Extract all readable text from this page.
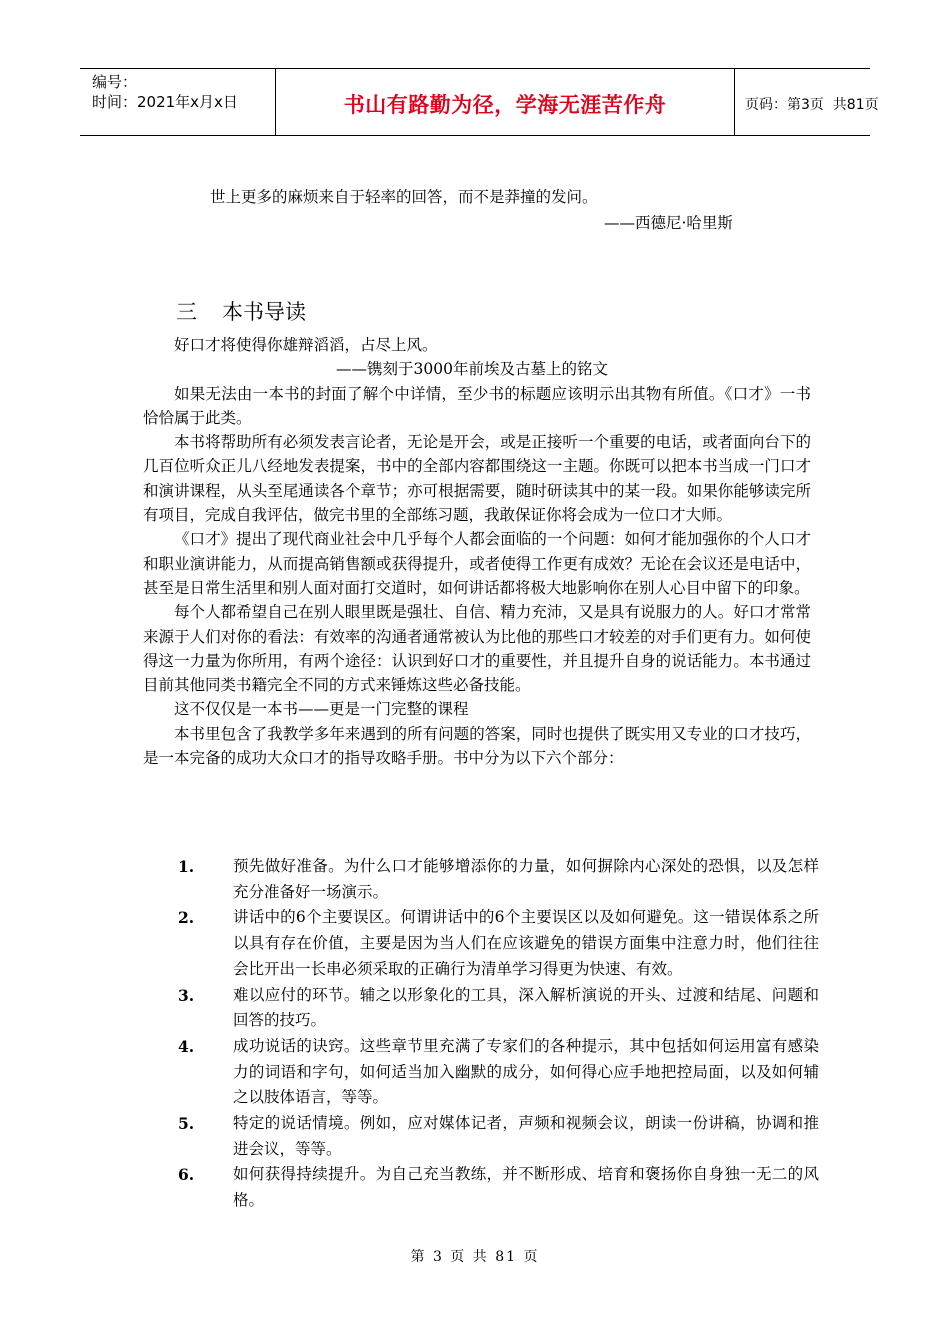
编号：
时间：2021年x月x日	书山有路勤为径，学海无涯苦作舟	页码：第3页  共81页
世上更多的麻烦来自于轻率的回答，而不是莽撞的发问。
——西德尼·哈里斯
三 本书导读

好口才将使得你雄辩滔滔，占尽上风。

——镌刻于3000年前埃及古墓上的铭文

如果无法由一本书的封面了解个中详情，至少书的标题应该明示出其物有所值。《口才》一书恰恰属于此类。

本书将帮助所有必须发表言论者，无论是开会，或是正接听一个重要的电话，或者面向台下的几百位听众正儿八经地发表提案，书中的全部内容都围绕这一主题。你既可以把本书当成一门口才和演讲课程，从头至尾通读各个章节；亦可根据需要，随时研读其中的某一段。如果你能够读完所有项目，完成自我评估，做完书里的全部练习题，我敢保证你将会成为一位口才大师。

《口才》提出了现代商业社会中几乎每个人都会面临的一个问题：如何才能加强你的个人口才和职业演讲能力，从而提高销售额或获得提升，或者使得工作更有成效？无论在会议还是电话中，甚至是日常生活里和别人面对面打交道时，如何讲话都将极大地影响你在别人心目中留下的印象。

每个人都希望自己在别人眼里既是强壮、自信、精力充沛，又是具有说服力的人。好口才常常来源于人们对你的看法：有效率的沟通者通常被认为比他的那些口才较差的对手们更有力。如何使得这一力量为你所用，有两个途径：认识到好口才的重要性，并且提升自身的说话能力。本书通过目前其他同类书籍完全不同的方式来锤炼这些必备技能。

这不仅仅是一本书——更是一门完整的课程

本书里包含了我教学多年来遇到的所有问题的答案，同时也提供了既实用又专业的口才技巧，是一本完备的成功大众口才的指导攻略手册。书中分为以下六个部分：

1.	预先做好准备。为什么口才能够增添你的力量，如何摒除内心深处的恐惧，以及怎样充分准备好一场演示。
2.	讲话中的6个主要误区。何谓讲话中的6个主要误区以及如何避免。这一错误体系之所以具有存在价值，主要是因为当人们在应该避免的错误方面集中注意力时，他们往往会比开出一长串必须采取的正确行为清单学习得更为快速、有效。
3.	难以应付的环节。辅之以形象化的工具，深入解析演说的开头、过渡和结尾、问题和回答的技巧。
4.	成功说话的诀窍。这些章节里充满了专家们的各种提示，其中包括如何运用富有感染力的词语和字句，如何适当加入幽默的成分，如何得心应手地把控局面，以及如何辅之以肢体语言，等等。
5.	特定的说话情境。例如，应对媒体记者，声频和视频会议，朗读一份讲稿，协调和推进会议，等等。
6.	如何获得持续提升。为自己充当教练，并不断形成、培育和褒扬你自身独一无二的风格。
第 3 页 共 81 页
